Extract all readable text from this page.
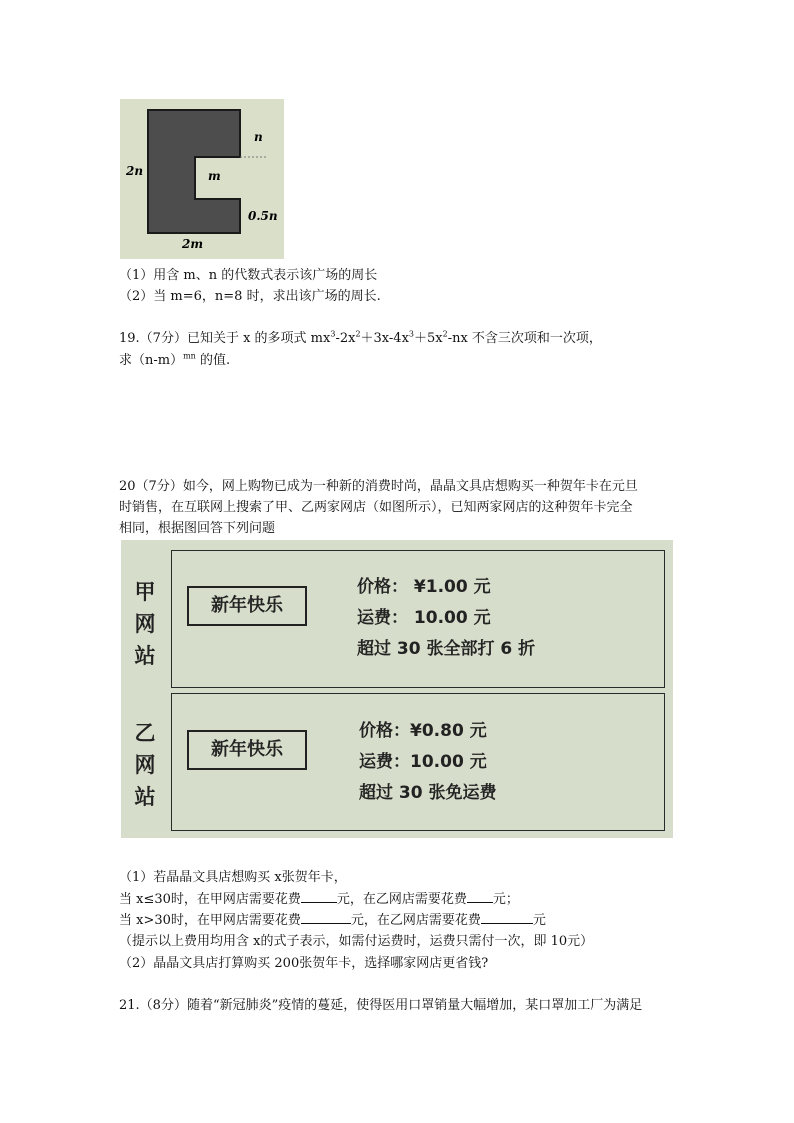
n
2n	m
0.5n
2m
（1）用含 m、n 的代数式表示该广场的周长
（2）当 m=6，n=8 时，求出该广场的周长.
19.（7分）已知关于 x 的多项式 $mx^3-2x^2+3x-4x^3+5x^2-nx$ 不含三次项和一次项，
求$(n-m)^{mn}$ 的值.
20（7分）如今，网上购物已成为一种新的消费时尚，晶晶文具店想购买一种贺年卡在元旦
时销售，在互联网上搜索了甲、乙两家网店（如图所示），已知两家网店的这种贺年卡完全
相同，根据图回答下列问题
甲
网
站
新年快乐
价格： ¥1.00 元
运费： 10.00 元
超过 30 张全部打 6 折
乙
网
站
新年快乐
价格：¥0.80 元
运费：10.00 元
超过 30 张免运费
（1）若晶晶文具店想购买 x张贺年卡，
当 x≤30时，在甲网店需要花费	元，在乙网店需要花费 元；
当 x>30时，在甲网店需要花费	元，在乙网店需要花费	元
（提示以上费用均用含 x的式子表示，如需付运费时，运费只需付一次，即 10元）
（2）晶晶文具店打算购买 200张贺年卡，选择哪家网店更省钱?
21.（8分）随着“新冠肺炎”疫情的蔓延，使得医用口罩销量大幅增加，某口罩加工厂为满足
